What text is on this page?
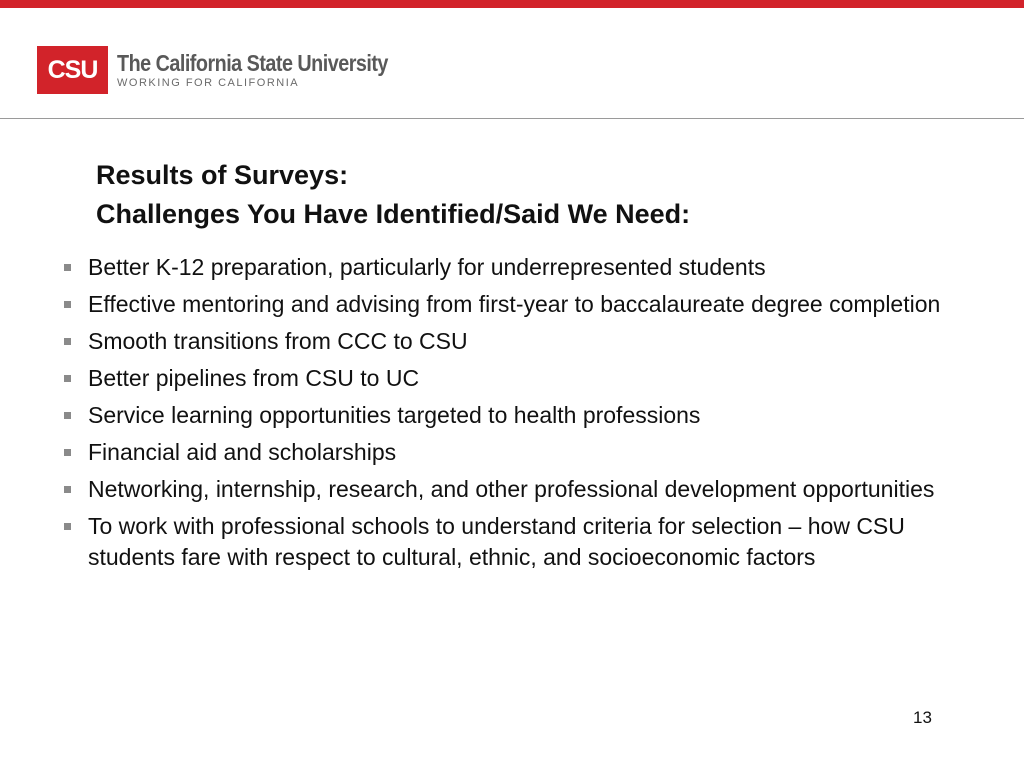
CSU The California State University
WORKING FOR CALIFORNIA
Results of Surveys:
Challenges You Have Identified/Said We Need:
Better K-12 preparation, particularly for underrepresented students
Effective mentoring and advising from first-year to baccalaureate degree completion
Smooth transitions from CCC to CSU
Better pipelines from CSU to UC
Service learning opportunities targeted to health professions
Financial aid and scholarships
Networking, internship, research, and other professional development opportunities
To work with professional schools to understand criteria for selection – how CSU students fare with respect to cultural, ethnic, and socioeconomic factors
13
